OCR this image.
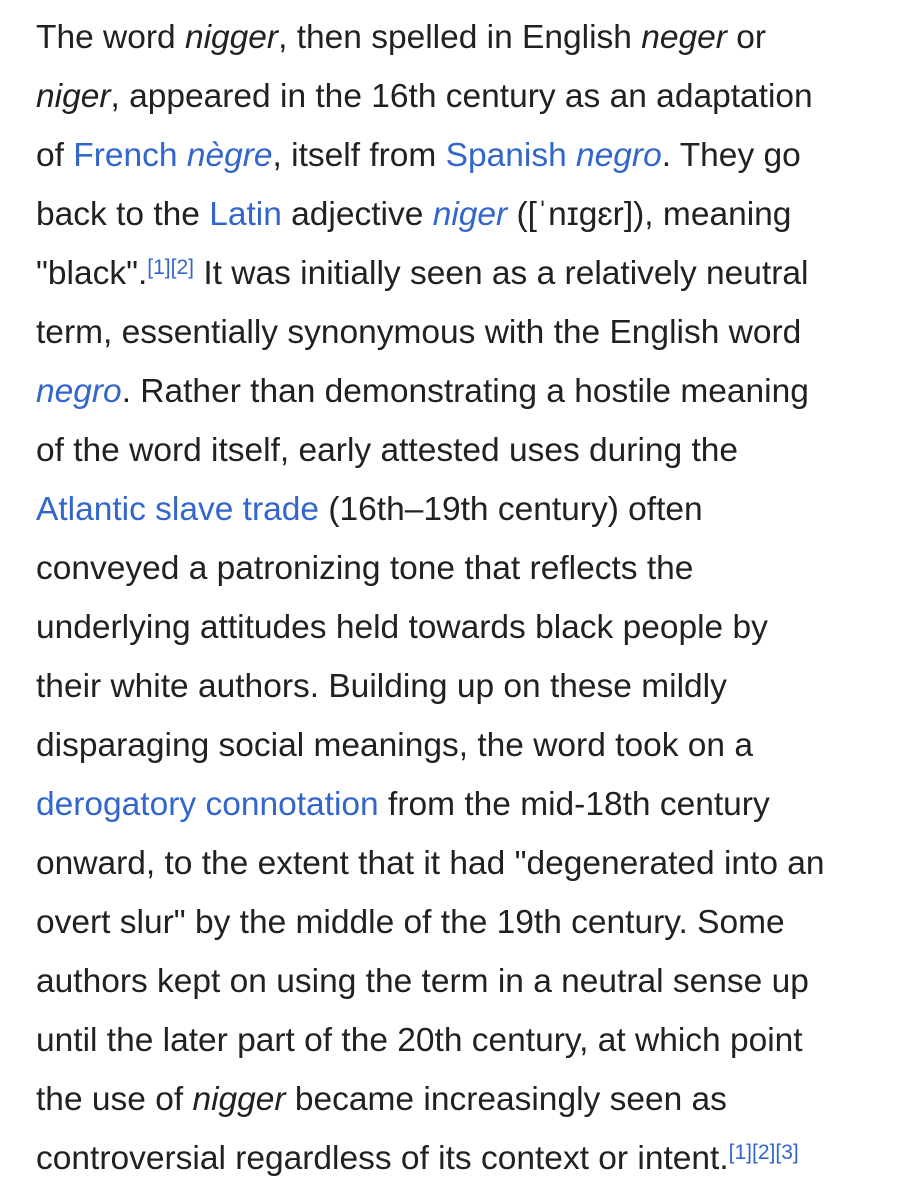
The word nigger, then spelled in English neger or
niger, appeared in the 16th century as an adaptation
of French nègre, itself from Spanish negro. They go
back to the Latin adjective niger ([ˈnɪɡɛr]), meaning
"black".[1][2] It was initially seen as a relatively neutral
term, essentially synonymous with the English word
negro. Rather than demonstrating a hostile meaning
of the word itself, early attested uses during the
Atlantic slave trade (16th–19th century) often
conveyed a patronizing tone that reflects the
underlying attitudes held towards black people by
their white authors. Building up on these mildly
disparaging social meanings, the word took on a
derogatory connotation from the mid-18th century
onward, to the extent that it had "degenerated into an
overt slur" by the middle of the 19th century. Some
authors kept on using the term in a neutral sense up
until the later part of the 20th century, at which point
the use of nigger became increasingly seen as
controversial regardless of its context or intent.[1][2][3]
